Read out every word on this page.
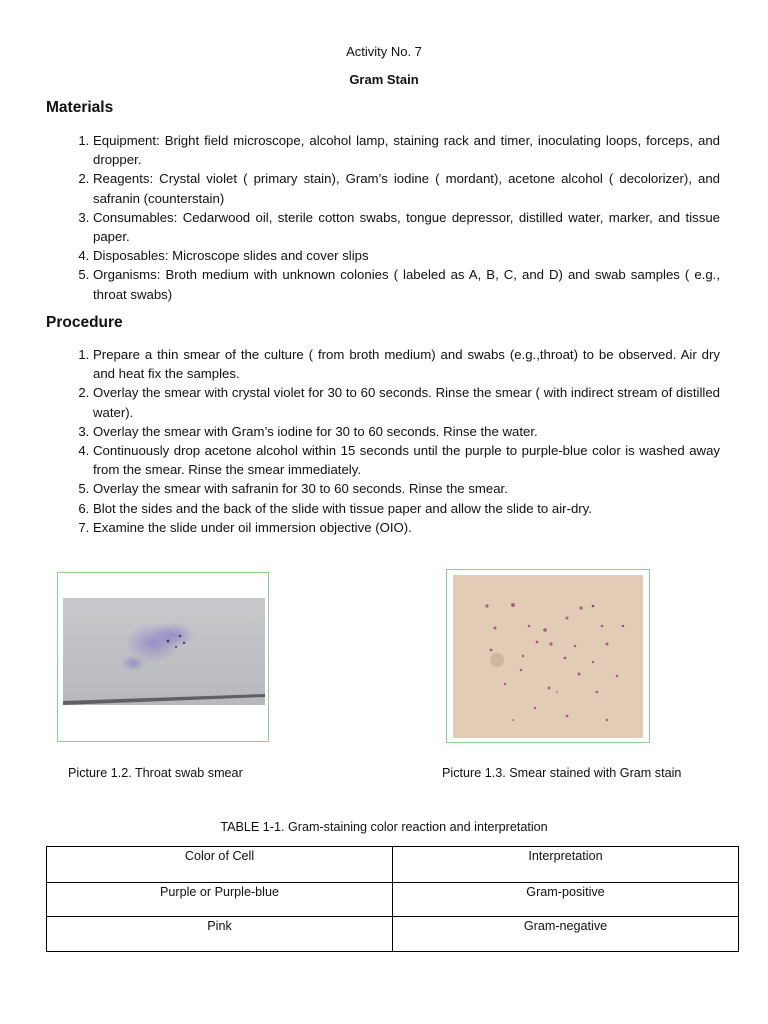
Activity No. 7
Gram Stain
Materials
1. Equipment: Bright field microscope, alcohol lamp, staining rack and timer, inoculating loops, forceps, and dropper.
2. Reagents: Crystal violet ( primary stain), Gram’s iodine ( mordant), acetone alcohol ( decolorizer), and safranin (counterstain)
3. Consumables: Cedarwood oil, sterile cotton swabs, tongue depressor, distilled water, marker, and tissue paper.
4. Disposables: Microscope slides and cover slips
5. Organisms: Broth medium with unknown colonies ( labeled as A, B, C, and D) and swab samples ( e.g., throat swabs)
Procedure
1. Prepare a thin smear of the culture ( from broth medium) and swabs (e.g.,throat) to be observed. Air dry and heat fix the samples.
2. Overlay the smear with crystal violet for 30 to 60 seconds. Rinse the smear ( with indirect stream of distilled water).
3. Overlay the smear with Gram’s iodine for 30 to 60 seconds. Rinse the water.
4. Continuously drop acetone alcohol within 15 seconds until the purple to purple-blue color is washed away from the smear. Rinse the smear immediately.
5. Overlay the smear with safranin for 30 to 60 seconds. Rinse the smear.
6. Blot the sides and the back of the slide with tissue paper and allow the slide to air-dry.
7. Examine the slide under oil immersion objective (OIO).
Picture 1.2. Throat swab smear	Picture 1.3. Smear stained with Gram stain
TABLE 1-1. Gram-staining color reaction and interpretation
Color of Cell	Interpretation
Purple or Purple-blue	Gram-positive
Pink	Gram-negative
